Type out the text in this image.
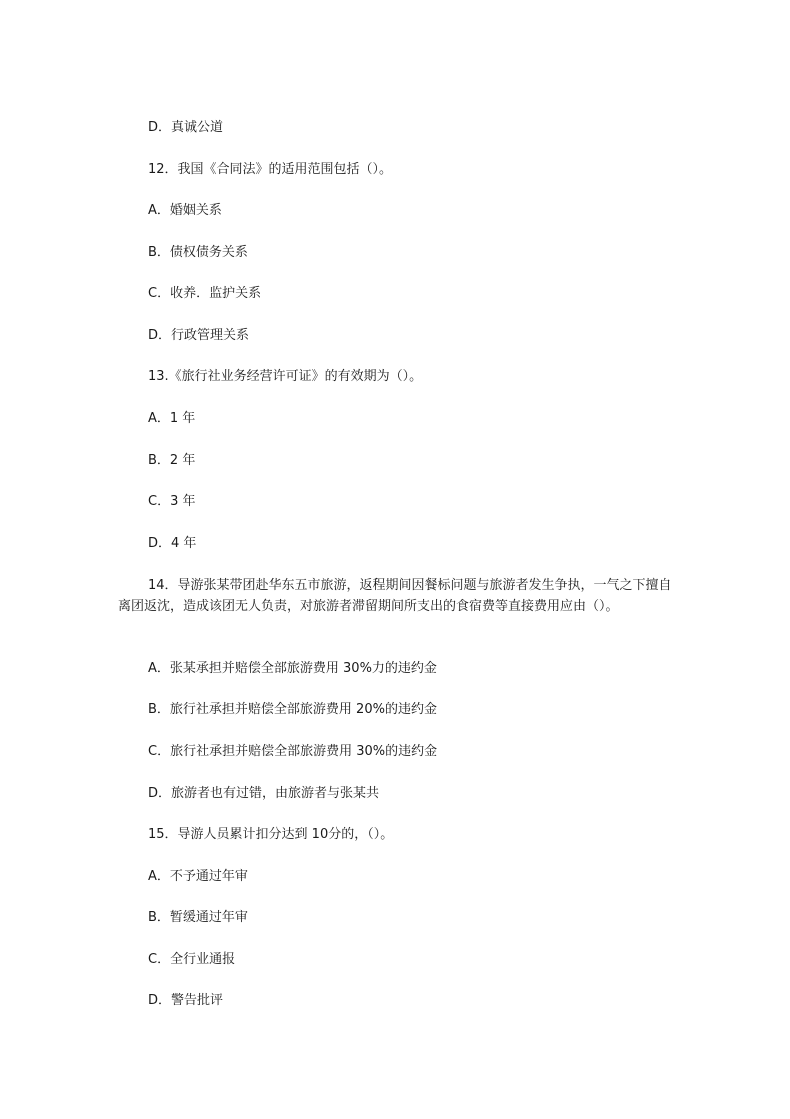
D．真诚公道
12．我国《合同法》的适用范围包括（）。
A．婚姻关系
B．债权债务关系
C．收养．监护关系
D．行政管理关系
13.《旅行社业务经营许可证》的有效期为（）。
A．1 年
B．2 年
C．3 年
D．4 年
14．导游张某带团赴华东五市旅游，返程期间因餐标问题与旅游者发生争执，一气之下擅自离团返沈，造成该团无人负责，对旅游者滞留期间所支出的食宿费等直接费用应由（）。
A．张某承担并赔偿全部旅游费用 30%力的违约金
B．旅行社承担并赔偿全部旅游费用 20%的违约金
C．旅行社承担并赔偿全部旅游费用 30%的违约金
D．旅游者也有过错，由旅游者与张某共
15．导游人员累计扣分达到 10分的，（）。
A．不予通过年审
B．暂缓通过年审
C．全行业通报
D．警告批评
